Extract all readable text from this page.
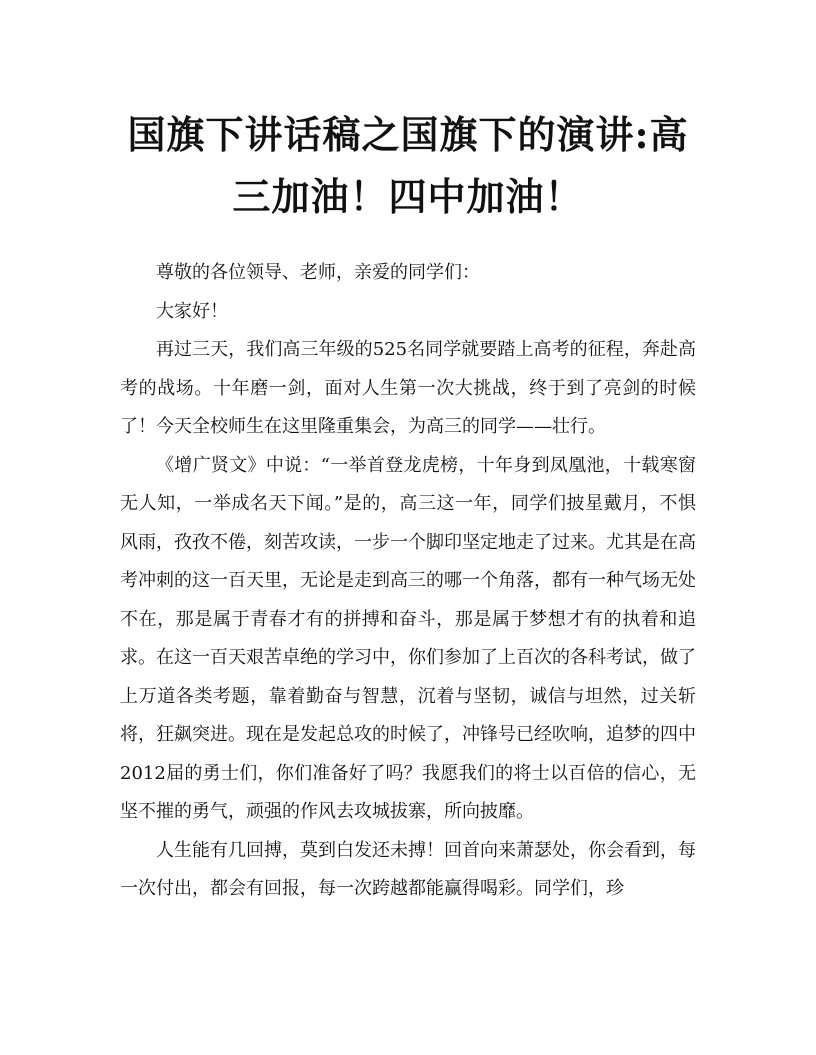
国旗下讲话稿之国旗下的演讲:高三加油！四中加油！

尊敬的各位领导、老师，亲爱的同学们：

大家好！

再过三天，我们高三年级的525名同学就要踏上高考的征程，奔赴高考的战场。十年磨一剑，面对人生第一次大挑战，终于到了亮剑的时候了！今天全校师生在这里隆重集会，为高三的同学——壮行。

《增广贤文》中说：“一举首登龙虎榜，十年身到凤凰池，十载寒窗无人知，一举成名天下闻。”是的，高三这一年，同学们披星戴月，不惧风雨，孜孜不倦，刻苦攻读，一步一个脚印坚定地走了过来。尤其是在高考冲刺的这一百天里，无论是走到高三的哪一个角落，都有一种气场无处不在，那是属于青春才有的拼搏和奋斗，那是属于梦想才有的执着和追求。在这一百天艰苦卓绝的学习中，你们参加了上百次的各科考试，做了上万道各类考题，靠着勤奋与智慧，沉着与坚韧，诚信与坦然，过关斩将，狂飙突进。现在是发起总攻的时候了，冲锋号已经吹响，追梦的四中2012届的勇士们，你们准备好了吗？我愿我们的将士以百倍的信心，无坚不摧的勇气，顽强的作风去攻城拔寨，所向披靡。

人生能有几回搏，莫到白发还未搏！回首向来萧瑟处，你会看到，每一次付出，都会有回报，每一次跨越都能赢得喝彩。同学们，珍
